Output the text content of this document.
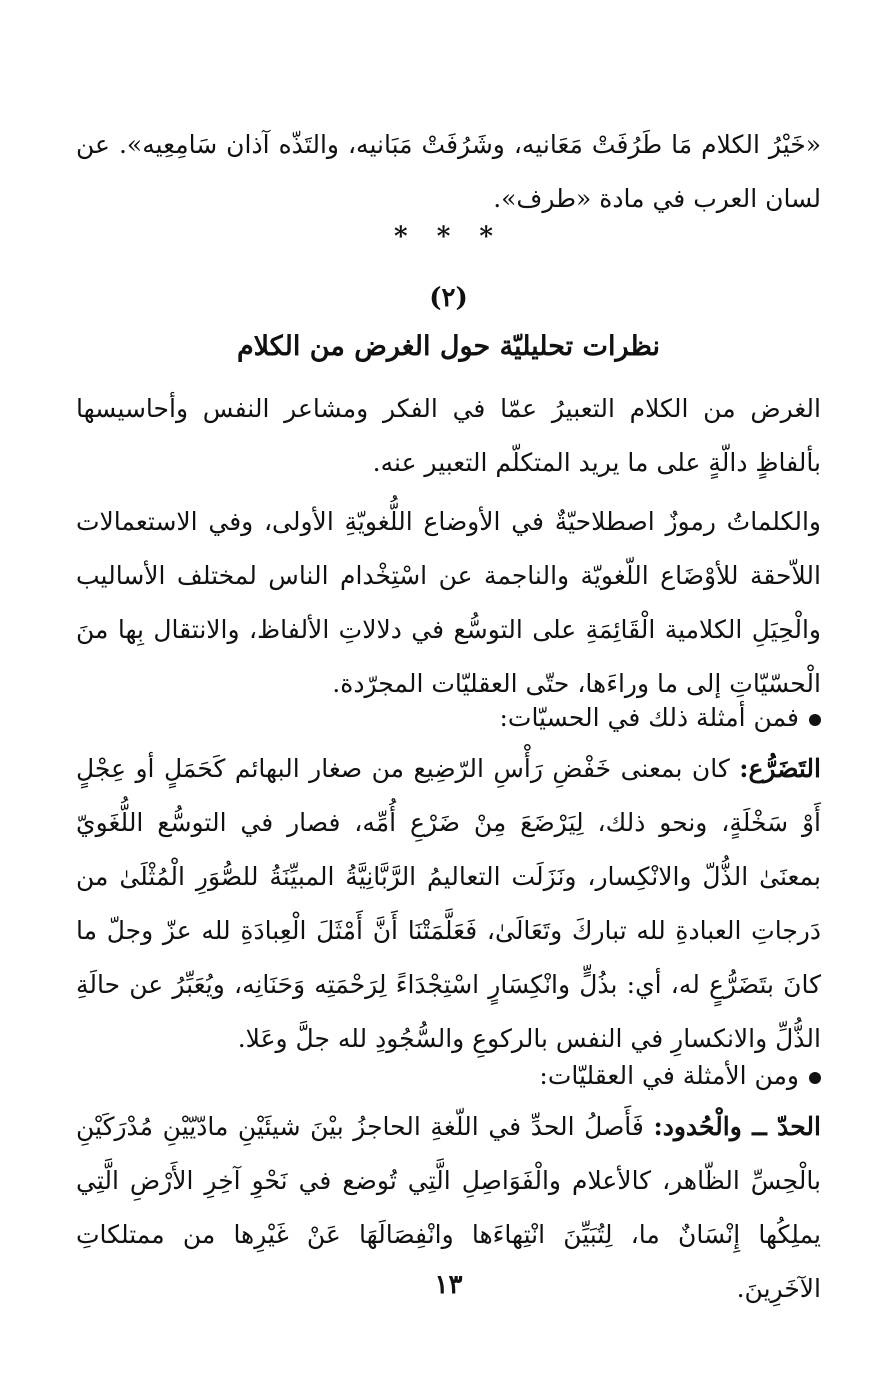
«خَيْرُ الكلام مَا طَرُفَتْ مَعَانيه، وشَرُفَتْ مَبَانيه، والتَذّه آذان سَامِعِيه». عن لسان العرب في مادة «طرف».

* * *
(٢)
نظرات تحليليّة حول الغرض من الكلام

الغرض من الكلام التعبيرُ عمّا في الفكر ومشاعر النفس وأحاسيسها بألفاظٍ دالّةٍ على ما يريد المتكلّم التعبير عنه.

والكلماتُ رموزٌ اصطلاحيّةٌ في الأوضاع اللُّغويّةِ الأولى، وفي الاستعمالات اللاّحقة للأوْضَاع اللّغويّة والناجمة عن اسْتِخْدام الناس لمختلف الأساليب والْحِيَلِ الكلامية الْقَائِمَةِ على التوسُّع في دلالاتِ الألفاظ، والانتقال بِها منَ الْحسّيّاتِ إلى ما وراءَها، حتّى العقليّات المجرّدة.

فمن أمثلة ذلك في الحسيّات:

التَضَرُّع: كان بمعنى خَفْضِ رَأْسِ الرّضِيع من صغار البهائم كَحَمَلٍ أو عِجْلٍ أَوْ سَخْلَةٍ، ونحو ذلك، لِيَرْضَعَ مِنْ ضَرْعِ أُمِّه، فصار في التوسُّع اللُّغَويّ بمعنَىٰ الذُّلّ والانْكِسار، ونَزَلَت التعاليمُ الرَّبَّانِيَّةُ المبيِّنَةُ للصُّوَرِ الْمُثْلَىٰ من دَرجاتِ العبادةِ لله تباركَ وتَعَالَىٰ، فَعَلَّمَتْنَا أَنَّ أَمْثَلَ الْعِبادَةِ لله عزّ وجلّ ما كانَ بتَضَرُّعٍ له، أي: بذُلٍّ وانْكِسَارٍ اسْتِجْدَاءً لِرَحْمَتِه وَحَنَانِه، ويُعَبِّرُ عن حالَةِ الذُّلِّ والانكسارِ في النفس بالركوعِ والسُّجُودِ لله جلَّ وعَلا.

ومن الأمثلة في العقليّات:

الحدّ ــ والْحُدود: فَأَصلُ الحدِّ في اللّغةِ الحاجزُ بيْنَ شيئَيْنِ مادّيّيْنِ مُدْرَكَيْنِ بالْحِسِّ الظّاهر، كالأعلام والْفَوَاصِلِ الَّتِي تُوضع في نَحْوِ آخِرِ الأَرْضِ الَّتِي يملِكُها إِنْسَانٌ ما، لِتُبَيِّنَ انْتِهاءَها وانْفِصَالَهَا عَنْ غَيْرِها من ممتلكاتِ الآخَرِينَ.

١٣
